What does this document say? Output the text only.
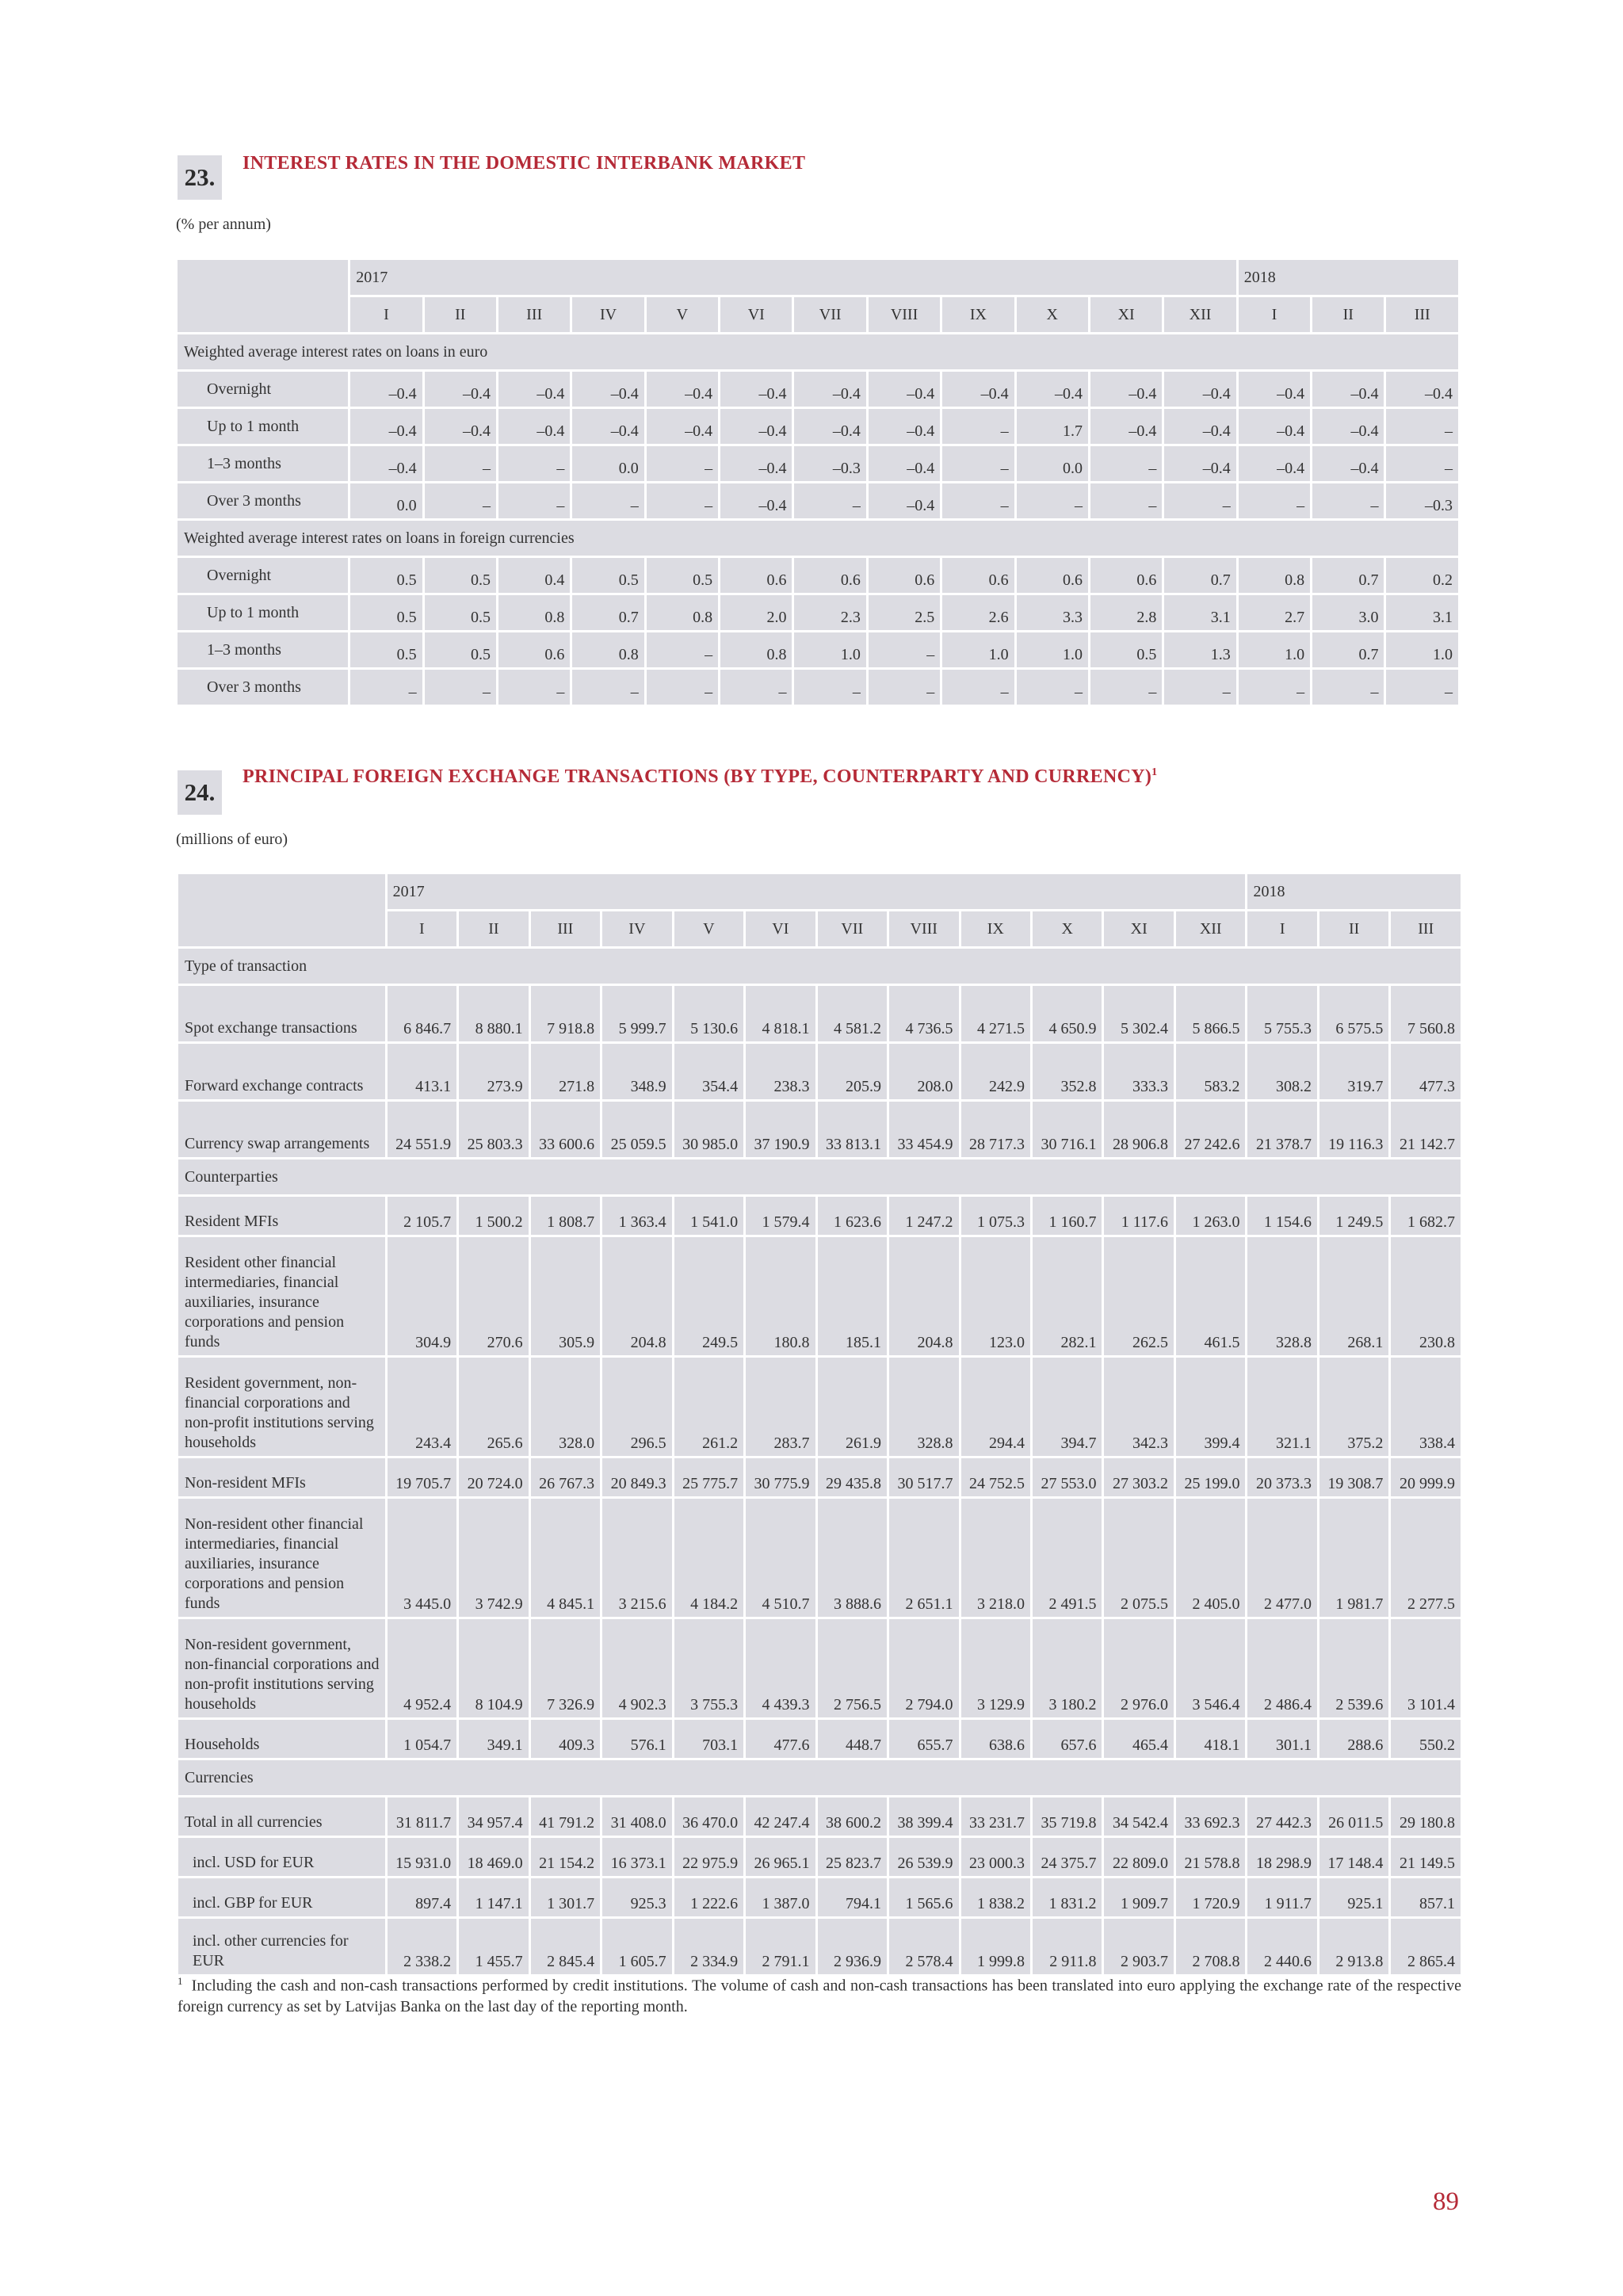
23.	INTEREST RATES IN THE DOMESTIC INTERBANK MARKET
(% per annum)
	2017												2018		
	I	II	III	IV	V	VI	VII	VIII	IX	X	XI	XII	I	II	III
Weighted average interest rates on loans in euro															
Overnight	–0.4	–0.4	–0.4	–0.4	–0.4	–0.4	–0.4	–0.4	–0.4	–0.4	–0.4	–0.4	–0.4	–0.4	–0.4
Up to 1 month	–0.4	–0.4	–0.4	–0.4	–0.4	–0.4	–0.4	–0.4	–	1.7	–0.4	–0.4	–0.4	–0.4	–
1–3 months	–0.4	–	–	0.0	–	–0.4	–0.3	–0.4	–	0.0	–	–0.4	–0.4	–0.4	–
Over 3 months	0.0	–	–	–	–	–0.4	–	–0.4	–	–	–	–	–	–	–0.3
Weighted average interest rates on loans in foreign currencies															
Overnight	0.5	0.5	0.4	0.5	0.5	0.6	0.6	0.6	0.6	0.6	0.6	0.7	0.8	0.7	0.2
Up to 1 month	0.5	0.5	0.8	0.7	0.8	2.0	2.3	2.5	2.6	3.3	2.8	3.1	2.7	3.0	3.1
1–3 months	0.5	0.5	0.6	0.8	–	0.8	1.0	–	1.0	1.0	0.5	1.3	1.0	0.7	1.0
Over 3 months	–	–	–	–	–	–	–	–	–	–	–	–	–	–	–
24.
PRINCIPAL FOREIGN EXCHANGE TRANSACTIONS (BY TYPE, COUNTERPARTY AND CURRENCY)$^1$
(millions of euro)
	2017												2018		
	I	II	III	IV	V	VI	VII	VIII	IX	X	XI	XII	I	II	III
Type of transaction															
Spot exchange transactions	6 846.7	8 880.1	7 918.8	5 999.7	5 130.6	4 818.1	4 581.2	4 736.5	4 271.5	4 650.9	5 302.4	5 866.5	5 755.3	6 575.5	7 560.8
Forward exchange contracts	413.1	273.9	271.8	348.9	354.4	238.3	205.9	208.0	242.9	352.8	333.3	583.2	308.2	319.7	477.3
Currency swap arrangements	24 551.9	25 803.3	33 600.6	25 059.5	30 985.0	37 190.9	33 813.1	33 454.9	28 717.3	30 716.1	28 906.8	27 242.6	21 378.7	19 116.3	21 142.7
Counterparties															
Resident MFIs	2 105.7	1 500.2	1 808.7	1 363.4	1 541.0	1 579.4	1 623.6	1 247.2	1 075.3	1 160.7	1 117.6	1 263.0	1 154.6	1 249.5	1 682.7
Resident other financial intermediaries, financial auxiliaries, insurance corporations and pension funds	304.9	270.6	305.9	204.8	249.5	180.8	185.1	204.8	123.0	282.1	262.5	461.5	328.8	268.1	230.8
Resident government, non-financial corporations and non-profit institutions serving households	243.4	265.6	328.0	296.5	261.2	283.7	261.9	328.8	294.4	394.7	342.3	399.4	321.1	375.2	338.4
Non-resident MFIs	19 705.7	20 724.0	26 767.3	20 849.3	25 775.7	30 775.9	29 435.8	30 517.7	24 752.5	27 553.0	27 303.2	25 199.0	20 373.3	19 308.7	20 999.9
Non-resident other financial intermediaries, financial auxiliaries, insurance corporations and pension funds	3 445.0	3 742.9	4 845.1	3 215.6	4 184.2	4 510.7	3 888.6	2 651.1	3 218.0	2 491.5	2 075.5	2 405.0	2 477.0	1 981.7	2 277.5
Non-resident government, non-financial corporations and non-profit institutions serving households	4 952.4	8 104.9	7 326.9	4 902.3	3 755.3	4 439.3	2 756.5	2 794.0	3 129.9	3 180.2	2 976.0	3 546.4	2 486.4	2 539.6	3 101.4
Households	1 054.7	349.1	409.3	576.1	703.1	477.6	448.7	655.7	638.6	657.6	465.4	418.1	301.1	288.6	550.2
Currencies															
Total in all currencies	31 811.7	34 957.4	41 791.2	31 408.0	36 470.0	42 247.4	38 600.2	38 399.4	33 231.7	35 719.8	34 542.4	33 692.3	27 442.3	26 011.5	29 180.8
incl. USD for EUR	15 931.0	18 469.0	21 154.2	16 373.1	22 975.9	26 965.1	25 823.7	26 539.9	23 000.3	24 375.7	22 809.0	21 578.8	18 298.9	17 148.4	21 149.5
incl. GBP for EUR	897.4	1 147.1	1 301.7	925.3	1 222.6	1 387.0	794.1	1 565.6	1 838.2	1 831.2	1 909.7	1 720.9	1 911.7	925.1	857.1
incl. other currencies for EUR	2 338.2	1 455.7	2 845.4	1 605.7	2 334.9	2 791.1	2 936.9	2 578.4	1 999.8	2 911.8	2 903.7	2 708.8	2 440.6	2 913.8	2 865.4
$^1$ Including the cash and non-cash transactions performed by credit institutions. The volume of cash and non-cash transactions has been translated into euro applying the exchange rate of the respective foreign currency as set by Latvijas Banka on the last day of the reporting month.
89
